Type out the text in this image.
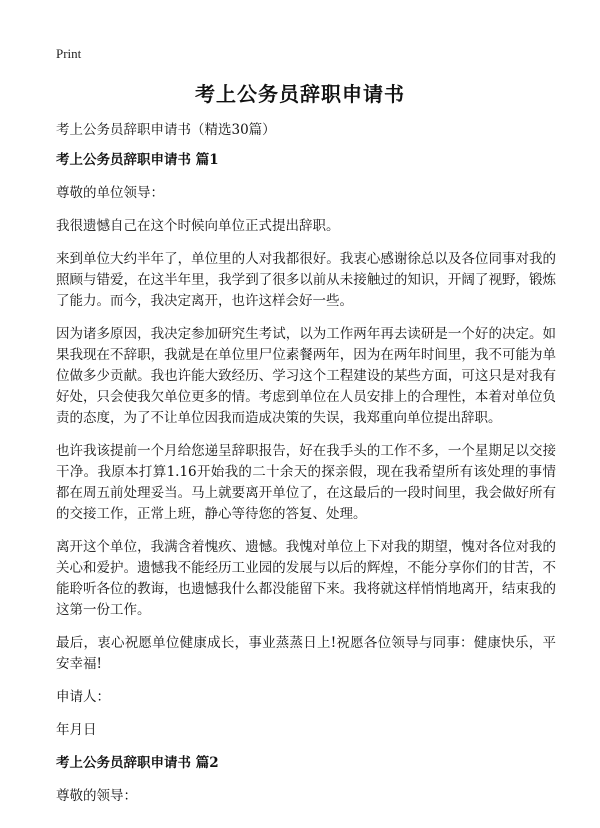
Print
考上公务员辞职申请书

考上公务员辞职申请书（精选30篇）

考上公务员辞职申请书 篇1

尊敬的单位领导：

我很遗憾自己在这个时候向单位正式提出辞职。

来到单位大约半年了，单位里的人对我都很好。我衷心感谢徐总以及各位同事对我的照顾与错爱，在这半年里，我学到了很多以前从未接触过的知识，开阔了视野，锻炼了能力。而今，我决定离开，也许这样会好一些。

因为诸多原因，我决定参加研究生考试，以为工作两年再去读研是一个好的决定。如果我现在不辞职，我就是在单位里尸位素餐两年，因为在两年时间里，我不可能为单位做多少贡献。我也许能大致经历、学习这个工程建设的某些方面，可这只是对我有好处，只会使我欠单位更多的情。考虑到单位在人员安排上的合理性，本着对单位负责的态度，为了不让单位因我而造成决策的失误，我郑重向单位提出辞职。

也许我该提前一个月给您递呈辞职报告，好在我手头的工作不多，一个星期足以交接干净。我原本打算1.16开始我的二十余天的探亲假，现在我希望所有该处理的事情都在周五前处理妥当。马上就要离开单位了，在这最后的一段时间里，我会做好所有的交接工作，正常上班，静心等待您的答复、处理。

离开这个单位，我满含着愧疚、遗憾。我愧对单位上下对我的期望，愧对各位对我的关心和爱护。遗憾我不能经历工业园的发展与以后的辉煌，不能分享你们的甘苦，不能聆听各位的教诲，也遗憾我什么都没能留下来。我将就这样悄悄地离开，结束我的这第一份工作。

最后，衷心祝愿单位健康成长，事业蒸蒸日上!祝愿各位领导与同事：健康快乐，平安幸福!

申请人：

年月日

考上公务员辞职申请书 篇2

尊敬的领导：
